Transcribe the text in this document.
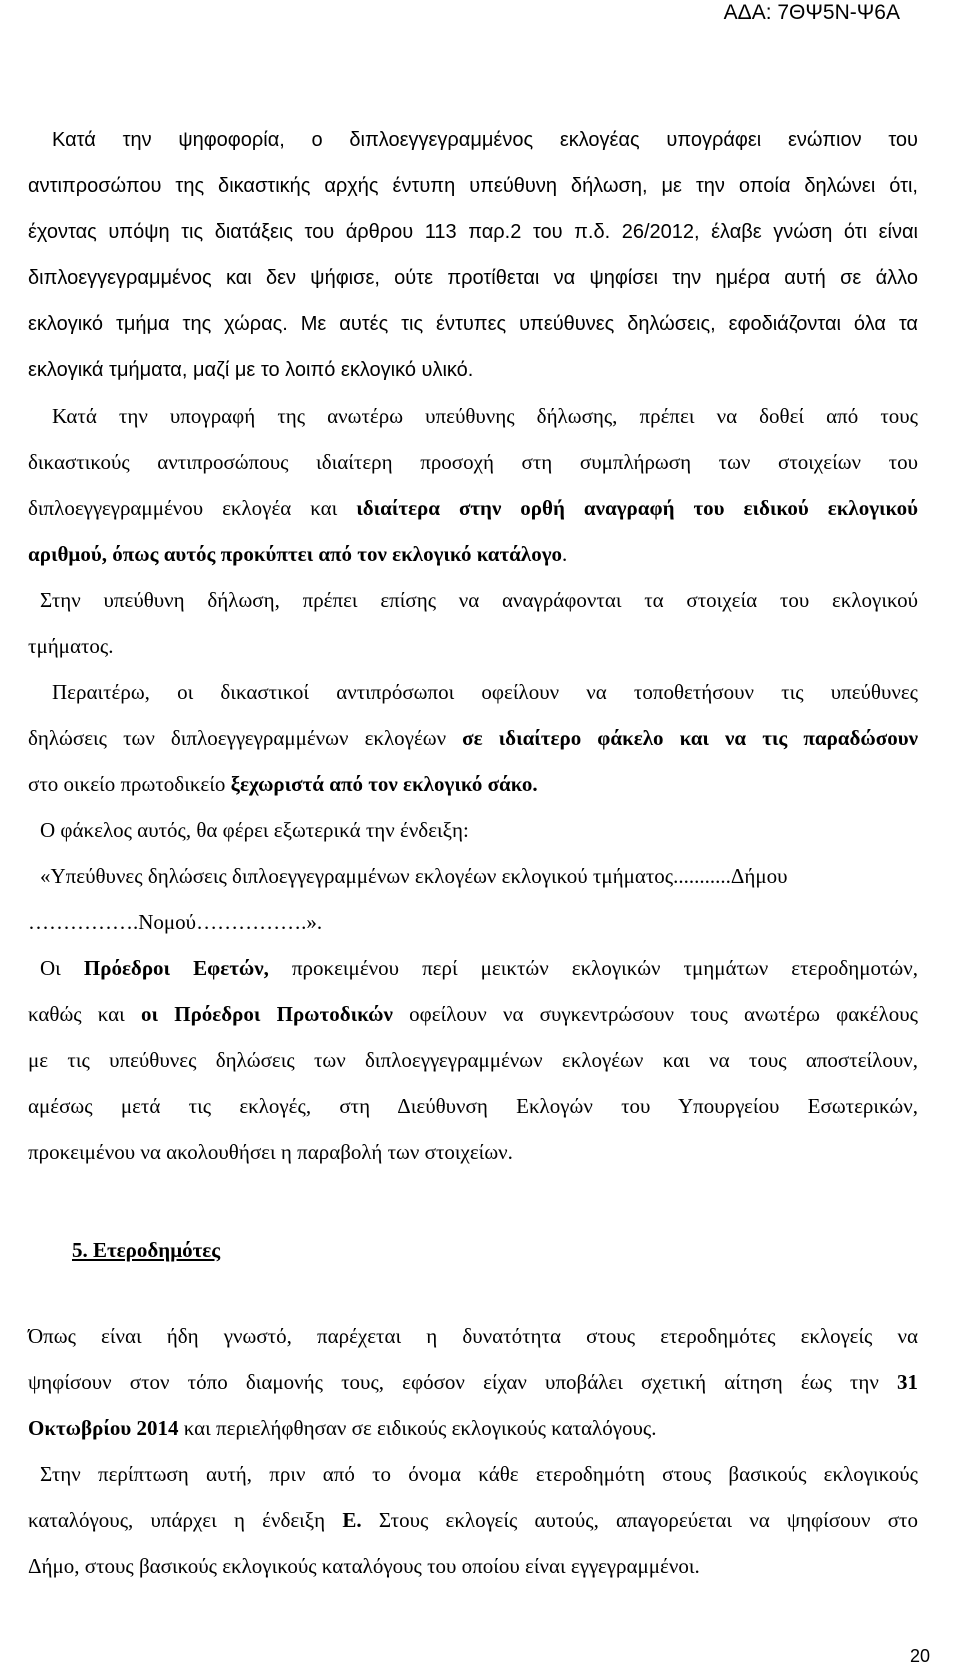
ΑΔΑ: 7ΘΨ5Ν-Ψ6Α

Κατά την ψηφοφορία, ο διπλοεγγεγραμμένος εκλογέας υπογράφει ενώπιον του

αντιπροσώπου της δικαστικής αρχής έντυπη υπεύθυνη δήλωση, με την οποία δηλώνει ότι,

έχοντας υπόψη τις διατάξεις του άρθρου 113 παρ.2 του π.δ. 26/2012, έλαβε γνώση ότι είναι

διπλοεγγεγραμμένος και δεν ψήφισε, ούτε προτίθεται να ψηφίσει την ημέρα αυτή σε άλλο

εκλογικό τμήμα της χώρας. Με αυτές τις έντυπες υπεύθυνες δηλώσεις, εφοδιάζονται όλα τα

εκλογικά τμήματα, μαζί με το λοιπό εκλογικό υλικό.

Κατά την υπογραφή της ανωτέρω υπεύθυνης δήλωσης, πρέπει να δοθεί από τους

δικαστικούς αντιπροσώπους ιδιαίτερη προσοχή στη συμπλήρωση των στοιχείων του

διπλοεγγεγραμμένου εκλογέα και ιδιαίτερα στην ορθή αναγραφή του ειδικού εκλογικού

αριθμού, όπως αυτός προκύπτει από τον εκλογικό κατάλογο.

Στην υπεύθυνη δήλωση, πρέπει επίσης να αναγράφονται τα στοιχεία του εκλογικού

τμήματος.

Περαιτέρω, οι δικαστικοί αντιπρόσωποι οφείλουν να τοποθετήσουν τις υπεύθυνες

δηλώσεις των διπλοεγγεγραμμένων εκλογέων σε ιδιαίτερο φάκελο και να τις παραδώσουν

στο οικείο πρωτοδικείο ξεχωριστά από τον εκλογικό σάκο.

Ο φάκελος αυτός, θα φέρει εξωτερικά την ένδειξη:

«Υπεύθυνες δηλώσεις διπλοεγγεγραμμένων εκλογέων εκλογικού τμήματος...........Δήμου

…………….Νομού…………….».

Οι Πρόεδροι Εφετών, προκειμένου περί μεικτών εκλογικών τμημάτων ετεροδημοτών,

καθώς και οι Πρόεδροι Πρωτοδικών οφείλουν να συγκεντρώσουν τους ανωτέρω φακέλους

με τις υπεύθυνες δηλώσεις των διπλοεγγεγραμμένων εκλογέων και να τους αποστείλουν,

αμέσως μετά τις εκλογές, στη Διεύθυνση Εκλογών του Υπουργείου Εσωτερικών,

προκειμένου να ακολουθήσει η παραβολή των στοιχείων.

5. Ετεροδημότες

Όπως είναι ήδη γνωστό, παρέχεται η δυνατότητα στους ετεροδημότες εκλογείς να

ψηφίσουν στον τόπο διαμονής τους, εφόσον είχαν υποβάλει σχετική αίτηση έως την 31

Οκτωβρίου 2014 και περιελήφθησαν σε ειδικούς εκλογικούς καταλόγους.

Στην περίπτωση αυτή, πριν από το όνομα κάθε ετεροδημότη στους βασικούς εκλογικούς

καταλόγους, υπάρχει η ένδειξη Ε. Στους εκλογείς αυτούς, απαγορεύεται να ψηφίσουν στο

Δήμο, στους βασικούς εκλογικούς καταλόγους του οποίου είναι εγγεγραμμένοι.

20
